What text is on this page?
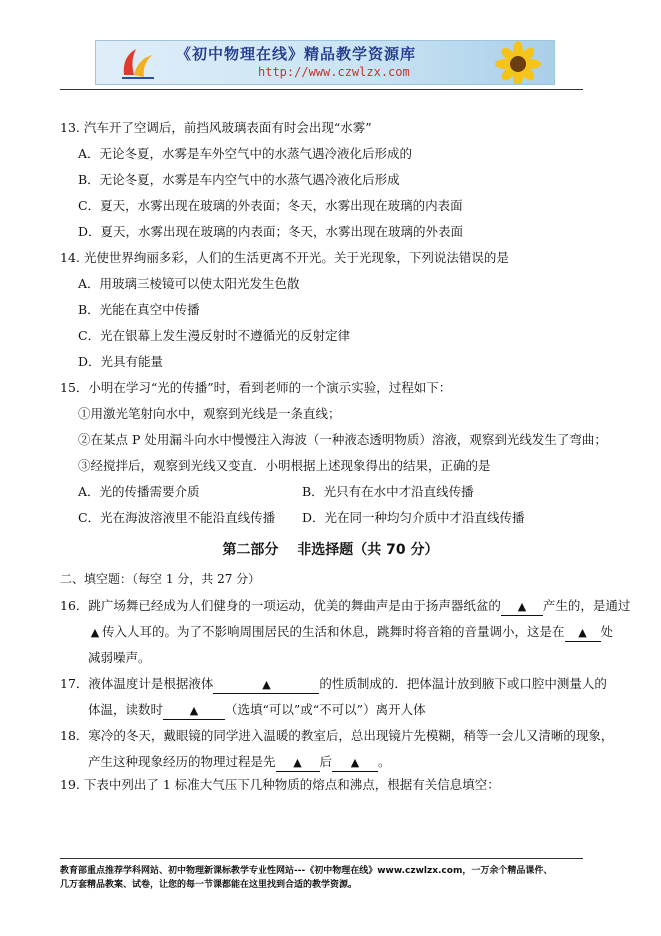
《初中物理在线》精品教学资源库
http://www.czwlzx.com
13. 汽车开了空调后，前挡风玻璃表面有时会出现“水雾”
A．无论冬夏，水雾是车外空气中的水蒸气遇冷液化后形成的
B．无论冬夏，水雾是车内空气中的水蒸气遇冷液化后形成
C．夏天，水雾出现在玻璃的外表面；冬天，水雾出现在玻璃的内表面
D．夏天，水雾出现在玻璃的内表面；冬天，水雾出现在玻璃的外表面
14. 光使世界绚丽多彩，人们的生活更离不开光。关于光现象，下列说法错误的是
A．用玻璃三棱镜可以使太阳光发生色散
B．光能在真空中传播
C．光在银幕上发生漫反射时不遵循光的反射定律
D．光具有能量
15．小明在学习“光的传播”时，看到老师的一个演示实验，过程如下：
①用激光笔射向水中，观察到光线是一条直线；
②在某点 P 处用漏斗向水中慢慢注入海波（一种液态透明物质）溶液，观察到光线发生了弯曲；
③经搅拌后，观察到光线又变直．小明根据上述现象得出的结果，正确的是
A．光的传播需要介质	B．光只有在水中才沿直线传播
C．光在海波溶液里不能沿直线传播 D．光在同一种均匀介质中才沿直线传播
第二部分　 非选择题（共 70 分）
二、填空题：（每空 1 分，共 27 分）
16．跳广场舞已经成为人们健身的一项运动，优美的舞曲声是由于扬声器纸盆的 ▲ 产生的，是通过
▲ 传入人耳的。为了不影响周围居民的生活和休息，跳舞时将音箱的音量调小，这是在 ▲ 处
减弱噪声。
17．液体温度计是根据液体	▲	的性质制成的．把体温计放到腋下或口腔中测量人的
体温，读数时 ▲ （选填“可以”或“不可以”）离开人体
18．寒冷的冬天，戴眼镜的同学进入温暖的教室后，总出现镜片先模糊，稍等一会儿又清晰的现象，
产生这种现象经历的物理过程是先 ▲ 后 ▲ 。
19. 下表中列出了 1 标准大气压下几种物质的熔点和沸点，根据有关信息填空：
教育部重点推荐学科网站、初中物理新课标教学专业性网站---《初中物理在线》www.czwlzx.com，一万余个精品课件、
几万套精品教案、试卷，让您的每一节课都能在这里找到合适的教学资源。
